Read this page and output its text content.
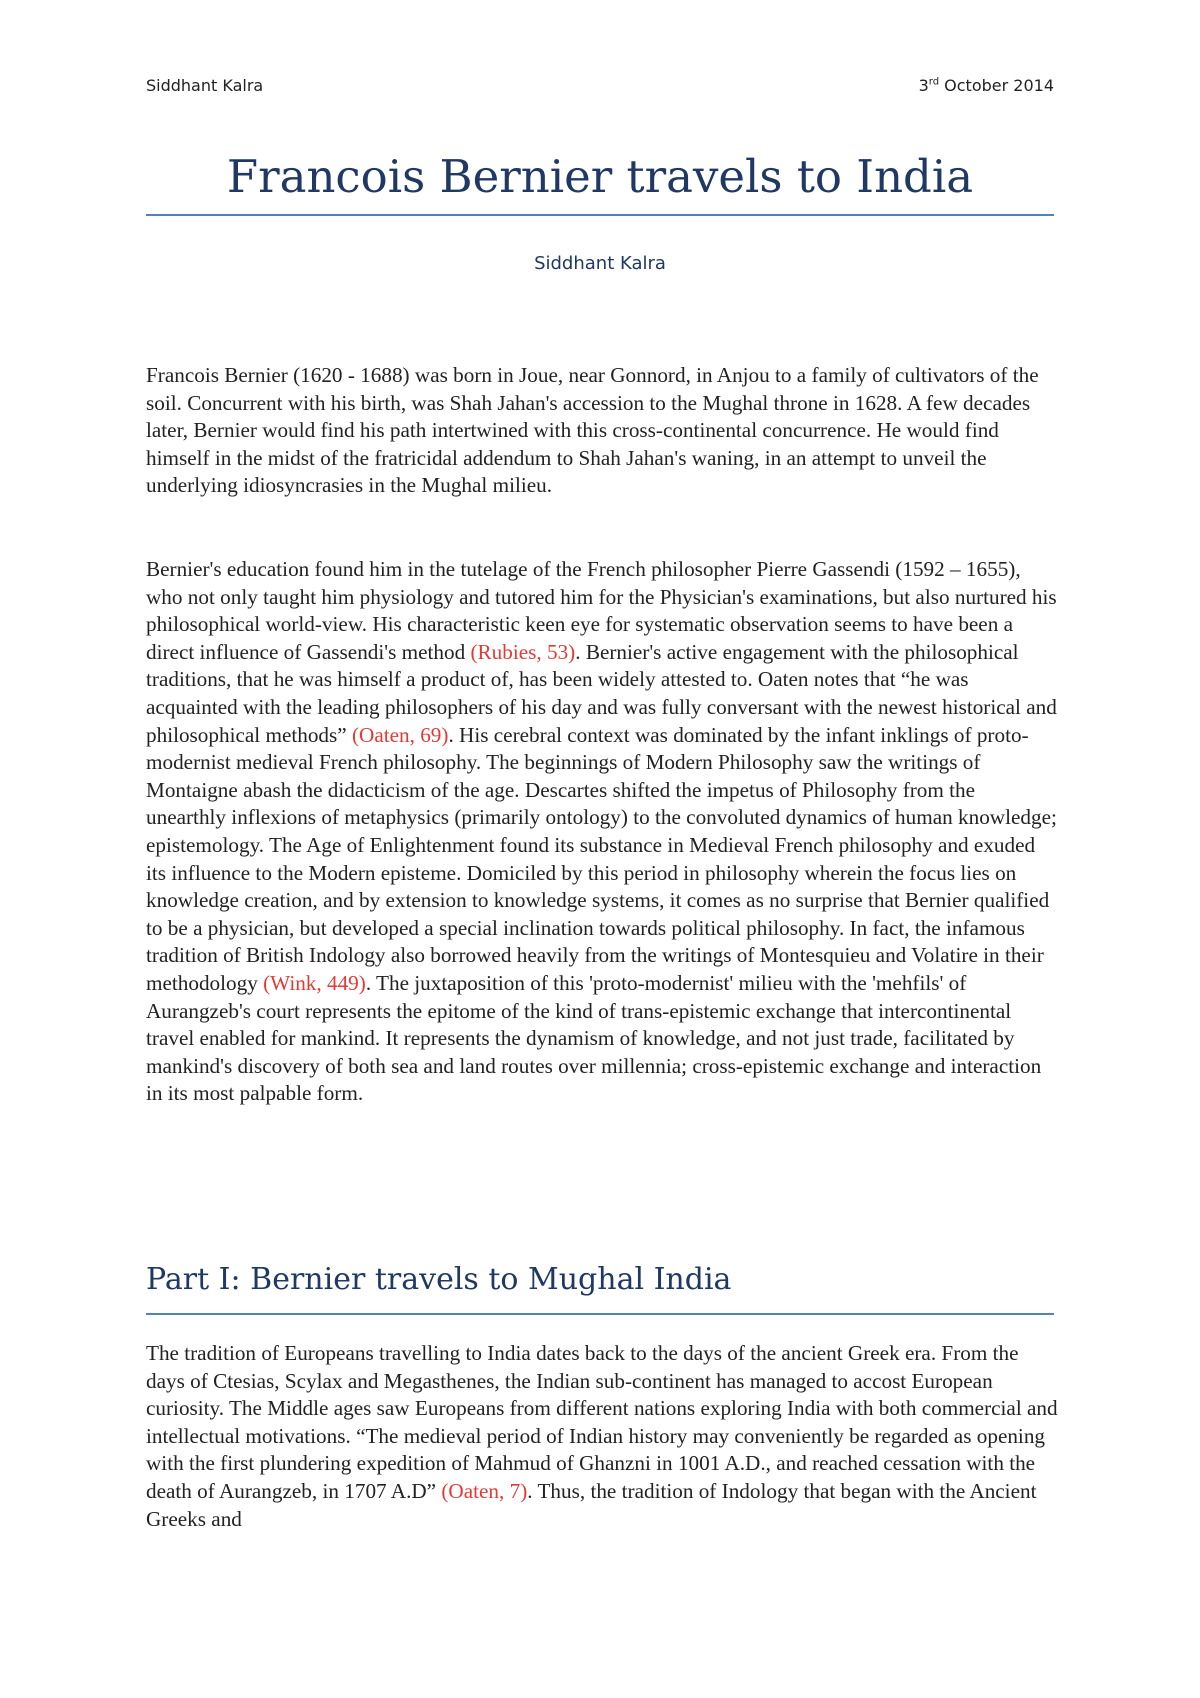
Siddhant Kalra	3rd October 2014
Francois Bernier travels to India
Siddhant Kalra

Francois Bernier (1620 - 1688) was born in Joue, near Gonnord, in Anjou to a family of cultivators of the soil. Concurrent with his birth, was Shah Jahan's accession to the Mughal throne in 1628. A few decades later, Bernier would find his path intertwined with this cross-continental concurrence. He would find himself in the midst of the fratricidal addendum to Shah Jahan's waning, in an attempt to unveil the underlying idiosyncrasies in the Mughal milieu.

Bernier's education found him in the tutelage of the French philosopher Pierre Gassendi (1592 – 1655), who not only taught him physiology and tutored him for the Physician's examinations, but also nurtured his philosophical world-view. His characteristic keen eye for systematic observation seems to have been a direct influence of Gassendi's method (Rubies, 53). Bernier's active engagement with the philosophical traditions, that he was himself a product of, has been widely attested to. Oaten notes that “he was acquainted with the leading philosophers of his day and was fully conversant with the newest historical and philosophical methods” (Oaten, 69). His cerebral context was dominated by the infant inklings of proto-modernist medieval French philosophy. The beginnings of Modern Philosophy saw the writings of Montaigne abash the didacticism of the age. Descartes shifted the impetus of Philosophy from the unearthly inflexions of metaphysics (primarily ontology) to the convoluted dynamics of human knowledge; epistemology. The Age of Enlightenment found its substance in Medieval French philosophy and exuded its influence to the Modern episteme. Domiciled by this period in philosophy wherein the focus lies on knowledge creation, and by extension to knowledge systems, it comes as no surprise that Bernier qualified to be a physician, but developed a special inclination towards political philosophy. In fact, the infamous tradition of British Indology also borrowed heavily from the writings of Montesquieu and Volatire in their methodology (Wink, 449). The juxtaposition of this 'proto-modernist' milieu with the 'mehfils' of Aurangzeb's court represents the epitome of the kind of trans-epistemic exchange that intercontinental travel enabled for mankind. It represents the dynamism of knowledge, and not just trade, facilitated by mankind's discovery of both sea and land routes over millennia; cross-epistemic exchange and interaction in its most palpable form.

Part I: Bernier travels to Mughal India

The tradition of Europeans travelling to India dates back to the days of the ancient Greek era. From the days of Ctesias, Scylax and Megasthenes, the Indian sub-continent has managed to accost European curiosity. The Middle ages saw Europeans from different nations exploring India with both commercial and intellectual motivations. “The medieval period of Indian history may conveniently be regarded as opening with the first plundering expedition of Mahmud of Ghanzni in 1001 A.D., and reached cessation with the death of Aurangzeb, in 1707 A.D” (Oaten, 7). Thus, the tradition of Indology that began with the Ancient Greeks and
